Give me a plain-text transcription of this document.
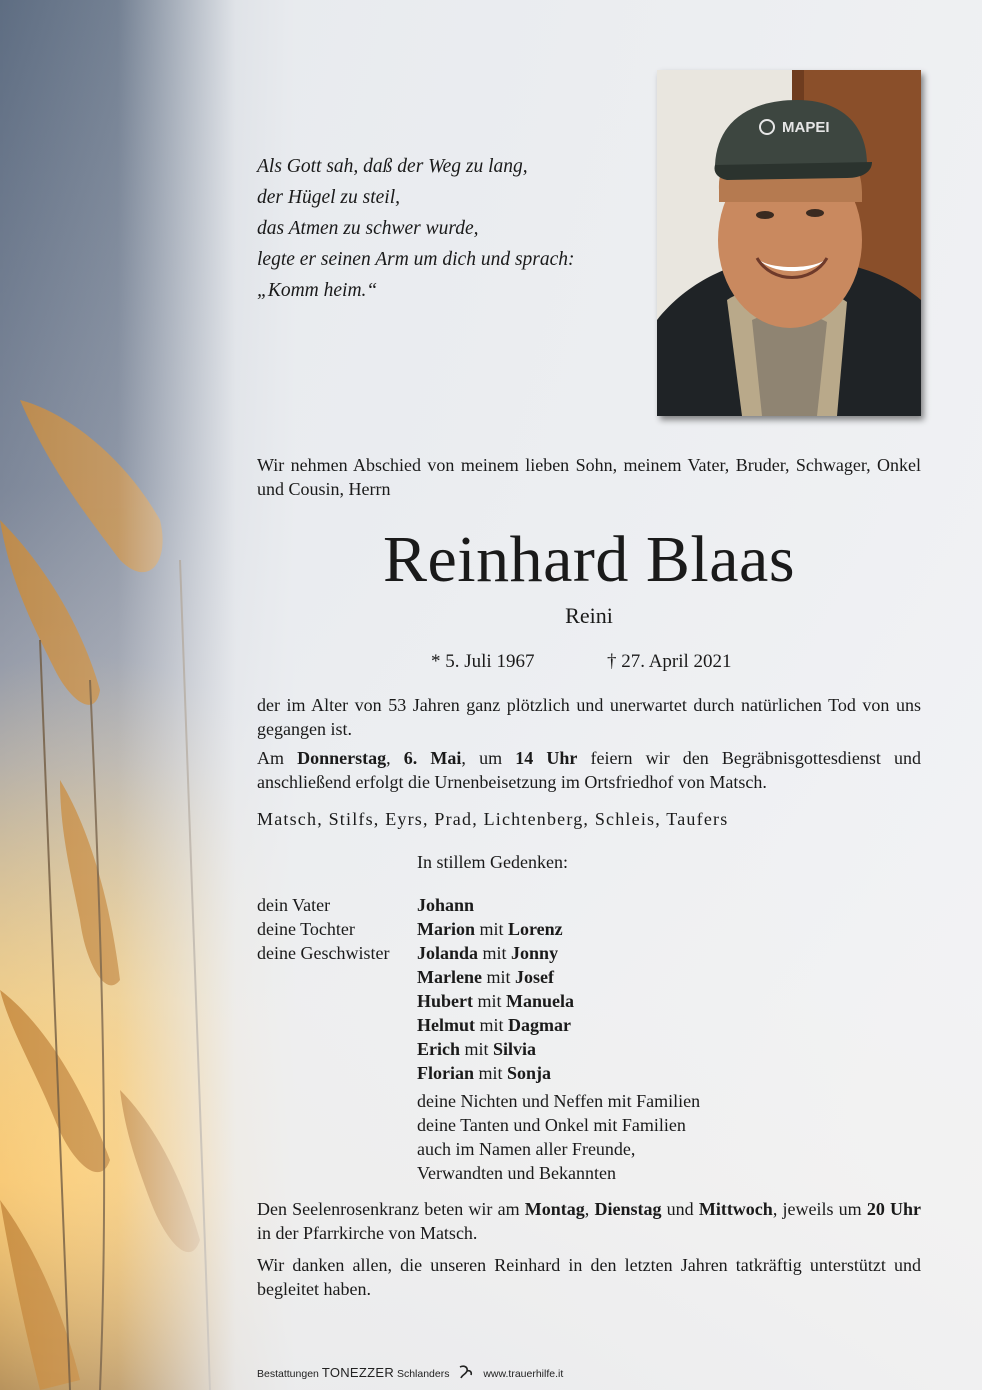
Als Gott sah, daß der Weg zu lang,
der Hügel zu steil,
das Atmen zu schwer wurde,
legte er seinen Arm um dich und sprach:
„Komm heim.“
MAPEI
Wir nehmen Abschied von meinem lieben Sohn, meinem Vater, Bruder, Schwager, Onkel und Cousin, Herrn
Reinhard Blaas
Reini
* 5. Juli 1967	† 27. April 2021
der im Alter von 53 Jahren ganz plötzlich und unerwartet durch natürlichen Tod von uns gegangen ist.
Am Donnerstag, 6. Mai, um 14 Uhr feiern wir den Begräbnisgottesdienst und anschließend erfolgt die Urnenbeisetzung im Ortsfriedhof von Matsch.
Matsch, Stilfs, Eyrs, Prad, Lichtenberg, Schleis, Taufers
In stillem Gedenken:
dein Vater	Johann
deine Tochter	Marion mit Lorenz
deine Geschwister Jolanda mit Jonny
Marlene mit Josef
Hubert mit Manuela
Helmut mit Dagmar
Erich mit Silvia
Florian mit Sonja
deine Nichten und Neffen mit Familien
deine Tanten und Onkel mit Familien
auch im Namen aller Freunde,
Verwandten und Bekannten
Den Seelenrosenkranz beten wir am Montag, Dienstag und Mittwoch, jeweils um 20 Uhr in der Pfarrkirche von Matsch.
Wir danken allen, die unseren Reinhard in den letzten Jahren tatkräftig unterstützt und begleitet haben.
Bestattungen TONEZZER Schlanders	www.trauerhilfe.it
